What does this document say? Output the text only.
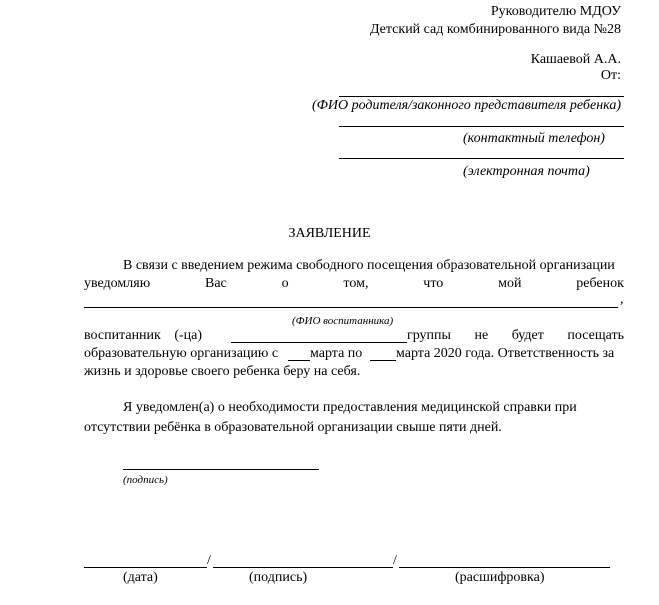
Руководителю МДОУ
Детский сад комбинированного вида №28
Кашаевой А.А.
От:
(ФИО родителя/законного представителя ребенка)
(контактный телефон)
(электронная почта)
ЗАЯВЛЕНИЕ
В связи с введением режима свободного посещения образовательной организации
уведомляю	Вас	о	том,	что	мой	ребенок
,
(ФИО воспитанника)
воспитанник (-ца)	группы не будет посещать
образовательную организацию с марта по марта 2020 года. Ответственность за
жизнь и здоровье своего ребенка беру на себя.
Я уведомлен(а) о необходимости предоставления медицинской справки при
отсутствии ребёнка в образовательной организации свыше пяти дней.
(подпись)
/	/
(дата)	(подпись)	(расшифровка)
